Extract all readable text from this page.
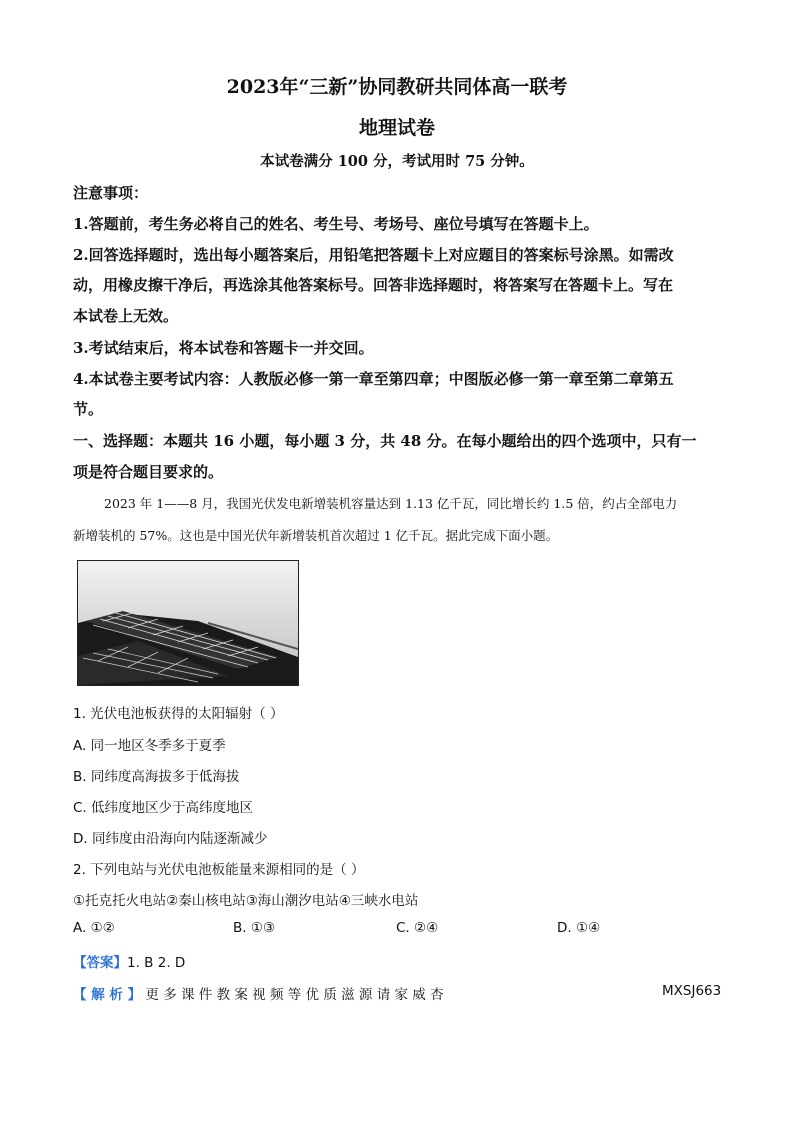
2023年“三新”协同教研共同体高一联考
地理试卷
本试卷满分 100 分，考试用时 75 分钟。
注意事项：
1.答题前，考生务必将自己的姓名、考生号、考场号、座位号填写在答题卡上。
2.回答选择题时，选出每小题答案后，用铅笔把答题卡上对应题目的答案标号涂黑。如需改
动，用橡皮擦干净后，再选涂其他答案标号。回答非选择题时，将答案写在答题卡上。写在
本试卷上无效。
3.考试结束后，将本试卷和答题卡一并交回。
4.本试卷主要考试内容：人教版必修一第一章至第四章；中图版必修一第一章至第二章第五
节。
一、选择题：本题共 16 小题，每小题 3 分，共 48 分。在每小题给出的四个选项中，只有一
项是符合题目要求的。
2023 年 1——8 月，我国光伏发电新增装机容量达到 1.13 亿千瓦，同比增长约 1.5 倍，约占全部电力
新增装机的 57%。这也是中国光伏年新增装机首次超过 1 亿千瓦。据此完成下面小题。
1. 光伏电池板获得的太阳辐射（ ）
A. 同一地区冬季多于夏季
B. 同纬度高海拔多于低海拔
C. 低纬度地区少于高纬度地区
D. 同纬度由沿海向内陆逐渐减少
2. 下列电站与光伏电池板能量来源相同的是（ ）
①托克托火电站②秦山核电站③海山潮汐电站④三峡水电站
A. ①②	B. ①③	C. ②④	D. ①④
【答案】1. B 2. D
【 解 析 】 更 多 课 件 教 案 视 频 等 优 质 滋 源 请 家 威 杏	MXSJ663
